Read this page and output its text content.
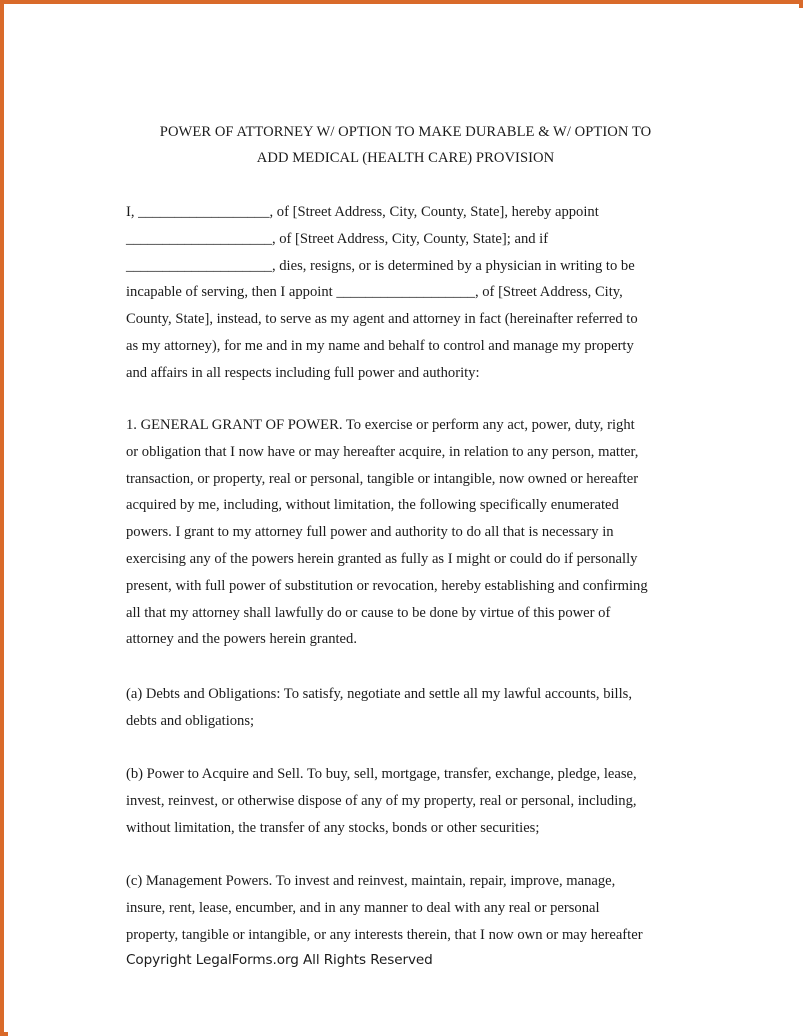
POWER OF ATTORNEY W/ OPTION TO MAKE DURABLE & W/ OPTION TO
ADD MEDICAL (HEALTH CARE) PROVISION
I, __________________, of [Street Address, City, County, State], hereby appoint
____________________, of [Street Address, City, County, State]; and if
____________________, dies, resigns, or is determined by a physician in writing to be
incapable of serving, then I appoint ___________________, of [Street Address, City,
County, State], instead, to serve as my agent and attorney in fact (hereinafter referred to
as my attorney), for me and in my name and behalf to control and manage my property
and affairs in all respects including full power and authority:
1. GENERAL GRANT OF POWER. To exercise or perform any act, power, duty, right
or obligation that I now have or may hereafter acquire, in relation to any person, matter,
transaction, or property, real or personal, tangible or intangible, now owned or hereafter
acquired by me, including, without limitation, the following specifically enumerated
powers. I grant to my attorney full power and authority to do all that is necessary in
exercising any of the powers herein granted as fully as I might or could do if personally
present, with full power of substitution or revocation, hereby establishing and confirming
all that my attorney shall lawfully do or cause to be done by virtue of this power of
attorney and the powers herein granted.
(a) Debts and Obligations: To satisfy, negotiate and settle all my lawful accounts, bills,
debts and obligations;
(b) Power to Acquire and Sell. To buy, sell, mortgage, transfer, exchange, pledge, lease,
invest, reinvest, or otherwise dispose of any of my property, real or personal, including,
without limitation, the transfer of any stocks, bonds or other securities;
(c) Management Powers. To invest and reinvest, maintain, repair, improve, manage,
insure, rent, lease, encumber, and in any manner to deal with any real or personal
property, tangible or intangible, or any interests therein, that I now own or may hereafter
Copyright LegalForms.org All Rights Reserved
